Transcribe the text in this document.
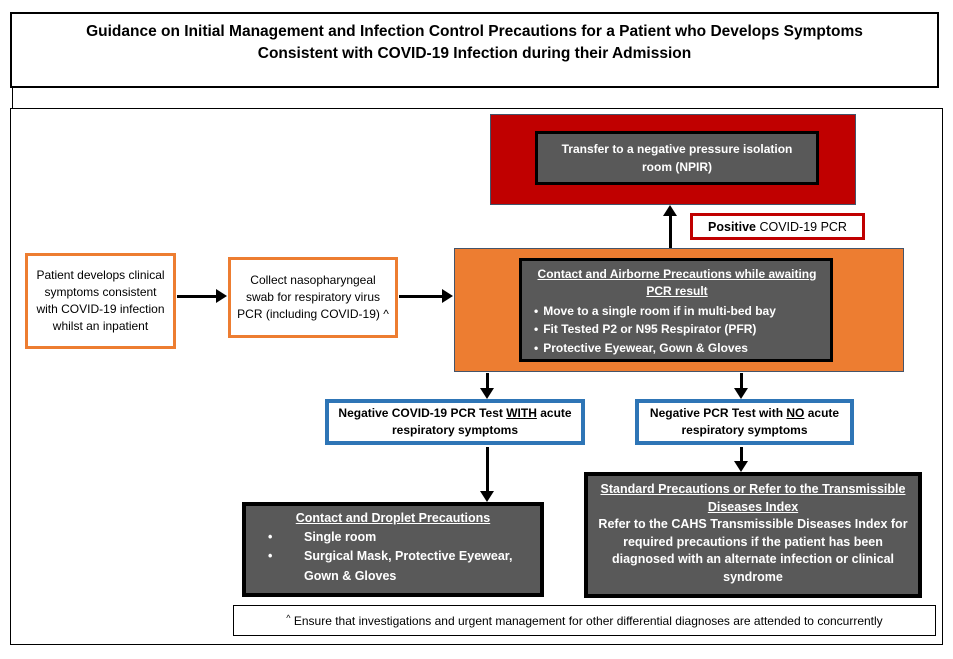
Guidance on Initial Management and Infection Control Precautions for a Patient who Develops Symptoms Consistent with COVID-19 Infection during their Admission
Transfer to a negative pressure isolation room (NPIR)
Positive COVID-19 PCR
Patient develops clinical symptoms consistent with COVID-19 infection whilst an inpatient
Collect nasopharyngeal swab for respiratory virus PCR (including COVID-19) ^
Contact and Airborne Precautions while awaiting PCR result
• Move to a single room if in multi-bed bay
• Fit Tested P2 or N95 Respirator (PFR)
• Protective Eyewear, Gown & Gloves
Negative COVID-19 PCR Test WITH acute respiratory symptoms
Negative PCR Test with NO acute respiratory symptoms
Contact and Droplet Precautions
• Single room
• Surgical Mask, Protective Eyewear, Gown & Gloves
Standard Precautions or Refer to the Transmissible Diseases Index
Refer to the CAHS Transmissible Diseases Index for required precautions if the patient has been diagnosed with an alternate infection or clinical syndrome
^ Ensure that investigations and urgent management for other differential diagnoses are attended to concurrently
